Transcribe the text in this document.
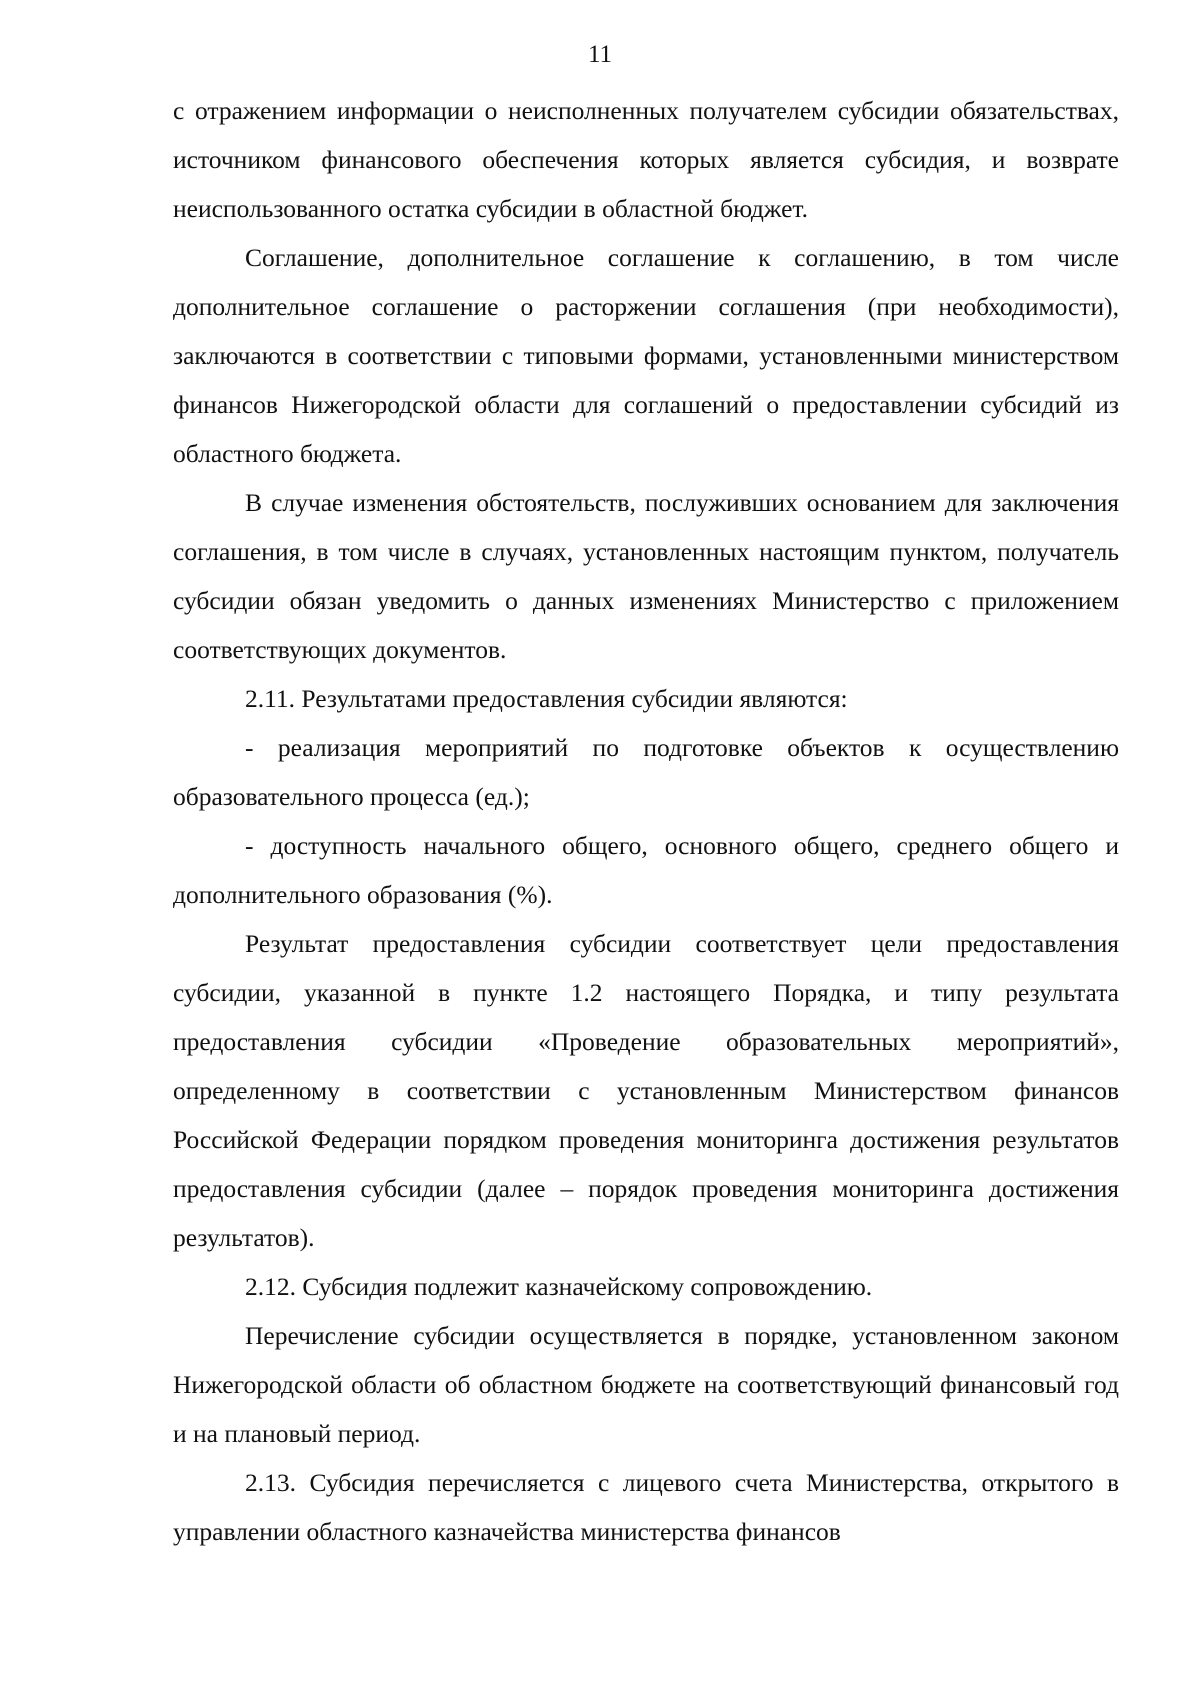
11

с отражением информации о неисполненных получателем субсидии обязательствах, источником финансового обеспечения которых является субсидия, и возврате неиспользованного остатка субсидии в областной бюджет.

Соглашение, дополнительное соглашение к соглашению, в том числе дополнительное соглашение о расторжении соглашения (при необходимости), заключаются в соответствии с типовыми формами, установленными министерством финансов Нижегородской области для соглашений о предоставлении субсидий из областного бюджета.

В случае изменения обстоятельств, послуживших основанием для заключения соглашения, в том числе в случаях, установленных настоящим пунктом, получатель субсидии обязан уведомить о данных изменениях Министерство с приложением соответствующих документов.

2.11. Результатами предоставления субсидии являются:

- реализация мероприятий по подготовке объектов к осуществлению образовательного процесса (ед.);

- доступность начального общего, основного общего, среднего общего и дополнительного образования (%).

Результат предоставления субсидии соответствует цели предоставления субсидии, указанной в пункте 1.2 настоящего Порядка, и типу результата предоставления субсидии «Проведение образовательных мероприятий», определенному в соответствии с установленным Министерством финансов Российской Федерации порядком проведения мониторинга достижения результатов предоставления субсидии (далее – порядок проведения мониторинга достижения результатов).

2.12. Субсидия подлежит казначейскому сопровождению.

Перечисление субсидии осуществляется в порядке, установленном законом Нижегородской области об областном бюджете на соответствующий финансовый год и на плановый период.

2.13. Субсидия перечисляется с лицевого счета Министерства, открытого в управлении областного казначейства министерства финансов
